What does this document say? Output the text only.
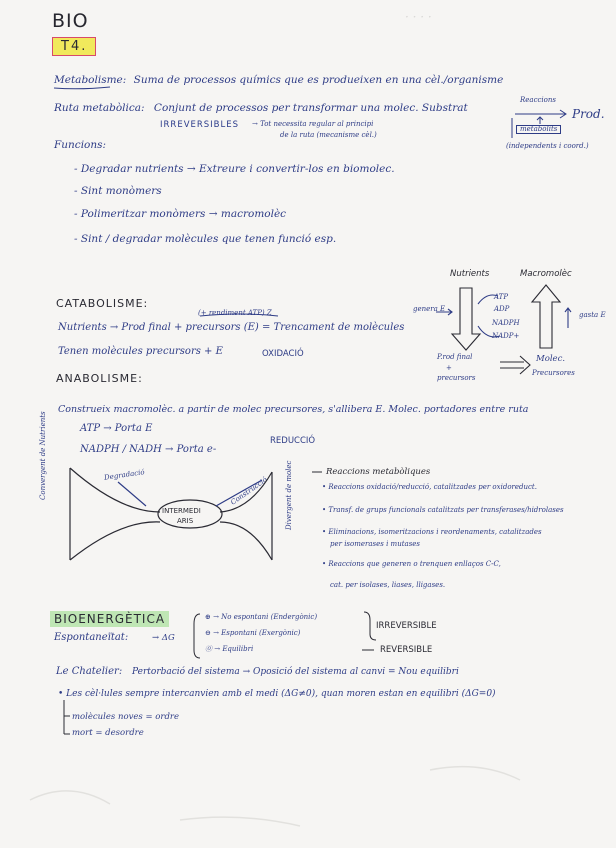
· · · ·
BIO
T4.
Metabolisme: Suma de processos químics que es produeixen en una cèl./organisme
Ruta metabòlica: Conjunt de processos per transformar una molec. Substrat
Reaccions
Prod.
IRREVERSIBLES → Tot necessita regular al principi
de la ruta (mecanisme cèl.)
metabòlits
(independents i coord.)
Funcions:
- Degradar nutrients → Extreure i convertir-los en biomolec.
- Sint monòmers
- Polimeritzar monòmers → macromolèc
- Sint / degradar molècules que tenen funció esp.
Nutrients	Macromolèc
genera E
gasta E
ATP
ADP
NADPH
NADP+
P.rod final
+
precursors
Molec.
Precursores
CATABOLISME:
(+ rendiment ATP) Z
Nutrients → Prod final + precursors (E) = Trencament de molècules
Tenen molècules precursors + E	OXIDACIÓ
ANABOLISME:
Construeix macromolèc. a partir de molec precursores, s'allibera E. Molec. portadores entre ruta
ATP → Porta E
NADPH / NADH → Porta e-
REDUCCIÓ
Convergent de Nutrients	Degradació
INTERMEDI
ARIS
Construcció Divergent de molec	Reaccions metabòliques
• Reaccions oxidació/reducció, catalitzades per oxidoreduct.
• Transf. de grups funcionals catalitzats per transferases/hidrolases
• Eliminacions, isomeritzacions i reordenaments, catalitzades
per isomerases i mutases
• Reaccions que generen o trenquen enllaços C-C,
cat. per isolases, liases, lligases.
BIOENERGÈTICA
Espontaneïtat:	→ ΔG
⊕ → No espontani (Endergònic)
⊖ → Espontani (Exergònic)
⓪ → Equilibri
IRREVERSIBLE
REVERSIBLE
Le Chatelier: Pertorbació del sistema → Oposició del sistema al canvi = Nou equilibri
• Les cèl·lules sempre intercanvien amb el medi (ΔG≠0), quan moren estan en equilibri (ΔG=0)
molècules noves = ordre
mort = desordre
